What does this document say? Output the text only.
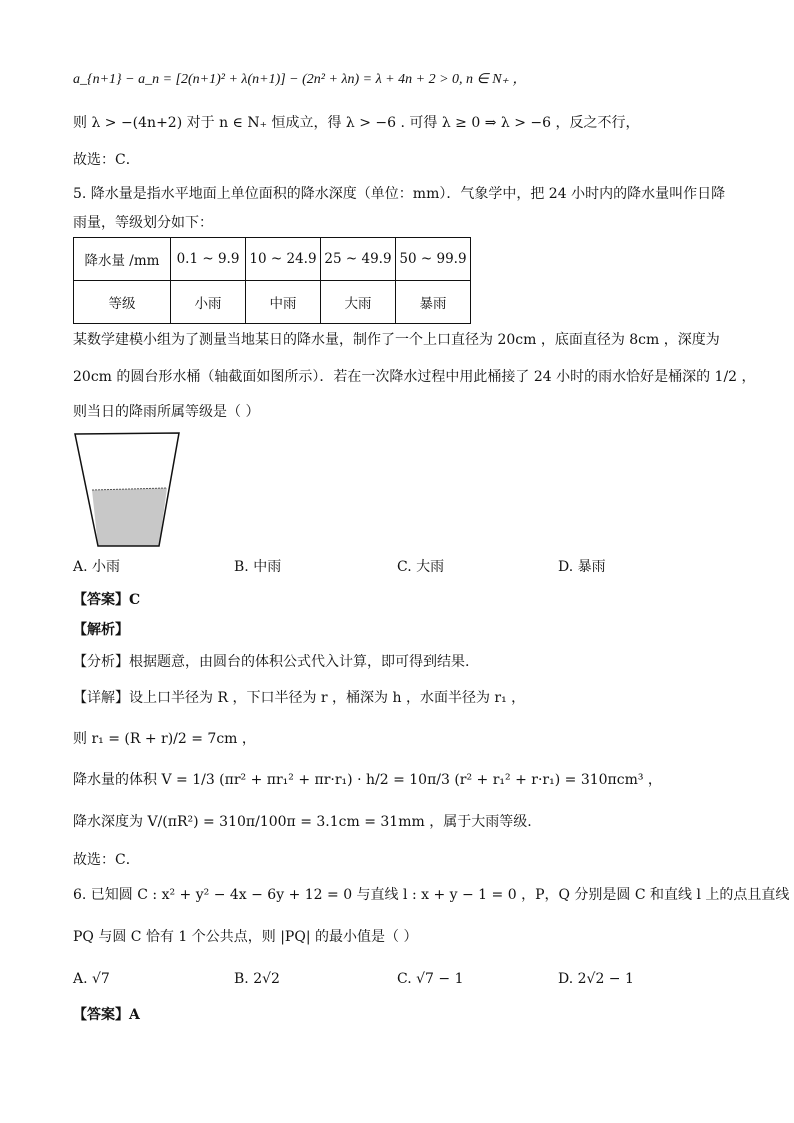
a_{n+1} − a_n = [2(n+1)² + λ(n+1)] − (2n² + λn) = λ + 4n + 2 > 0, n ∈ N₊ ，
则 λ > −(4n+2) 对于 n ∈ N₊ 恒成立，得 λ > −6 . 可得 λ ≥ 0 ⇒ λ > −6 ，反之不行，
故选：C．
5. 降水量是指水平地面上单位面积的降水深度（单位：mm）．气象学中，把 24 小时内的降水量叫作日降
雨量，等级划分如下：
降水量 /mm	0.1 ~ 9.9	10 ~ 24.9	25 ~ 49.9	50 ~ 99.9
等级	小雨	中雨	大雨	暴雨
某数学建模小组为了测量当地某日的降水量，制作了一个上口直径为 20cm ，底面直径为 8cm ，深度为
20cm 的圆台形水桶（轴截面如图所示）．若在一次降水过程中用此桶接了 24 小时的雨水恰好是桶深的 1/2 ，
则当日的降雨所属等级是（ ）
A. 小雨	B. 中雨	C. 大雨	D. 暴雨
【答案】C
【解析】
【分析】根据题意，由圆台的体积公式代入计算，即可得到结果.
【详解】设上口半径为 R ，下口半径为 r ，桶深为 h ，水面半径为 r₁ ，
则 r₁ = (R + r)/2 = 7cm ，
降水量的体积 V = 1/3 (πr² + πr₁² + πr·r₁) · h/2 = 10π/3 (r² + r₁² + r·r₁) = 310πcm³ ，
降水深度为 V/(πR²) = 310π/100π = 3.1cm = 31mm ，属于大雨等级.
故选：C．
6. 已知圆 C : x² + y² − 4x − 6y + 12 = 0 与直线 l : x + y − 1 = 0 ，P，Q 分别是圆 C 和直线 l 上的点且直线
PQ 与圆 C 恰有 1 个公共点，则 |PQ| 的最小值是（ ）
A. √7	B. 2√2	C. √7 − 1	D. 2√2 − 1
【答案】A
